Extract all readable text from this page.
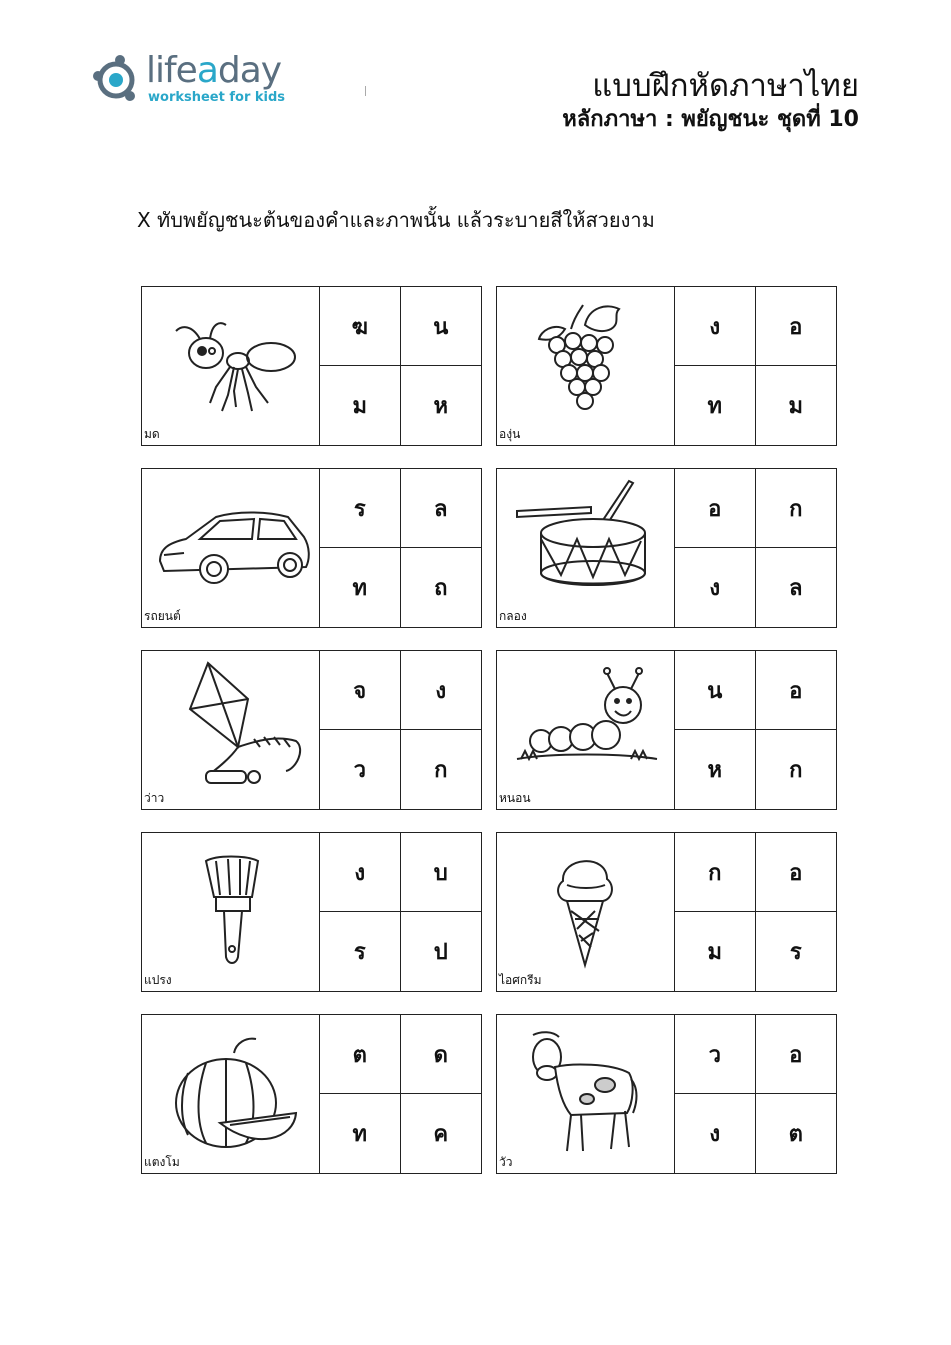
lifeaday
worksheet for kids	แบบฝึกหัดภาษาไทย
หลักภาษา : พยัญชนะ ชุดที่ 10
X ทับพยัญชนะต้นของคำและภาพนั้น แล้วระบายสีให้สวยงาม
มด
ฆ	น
ม	ห
องุ่น
ง	อ
ท	ม
รถยนต์
ร	ล
ท	ถ
กลอง
อ	ก
ง	ล
ว่าว
จ	ง
ว	ก
หนอน
น	อ
ห	ก
แปรง
ง	บ
ร	ป
ไอศกรีม
ก	อ
ม	ร
แตงโม
ต	ด
ท	ค
วัว
ว	อ
ง	ต
